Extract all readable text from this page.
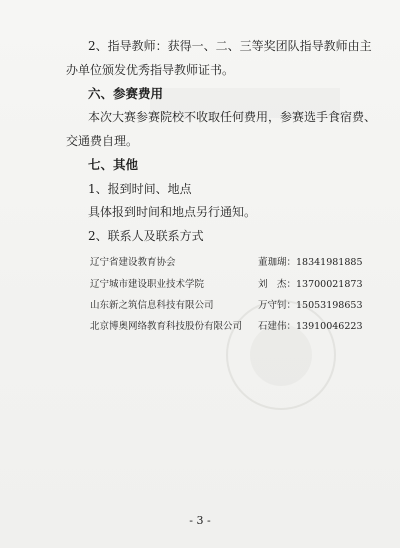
2、指导教师：获得一、二、三等奖团队指导教师由主
办单位颁发优秀指导教师证书。
六、参赛费用
本次大赛参赛院校不收取任何费用，参赛选手食宿费、
交通费自理。
七、其他
1、报到时间、地点
具体报到时间和地点另行通知。
2、联系人及联系方式
辽宁省建设教育协会	董珈瑚：18341981885
辽宁城市建设职业技术学院	刘　杰：13700021873
山东新之筑信息科技有限公司	万守钊：15053198653
北京博奥网络教育科技股份有限公司 石建伟：13910046223
- 3 -
